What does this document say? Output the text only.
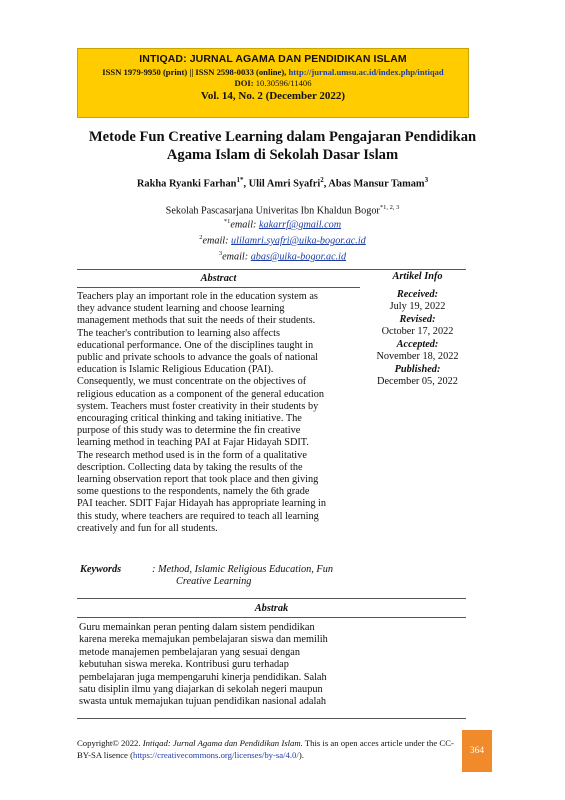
INTIQAD: JURNAL AGAMA DAN PENDIDIKAN ISLAM
ISSN 1979-9950 (print) || ISSN 2598-0033 (online), http://jurnal.umsu.ac.id/index.php/intiqad
DOI: 10.30596/11406
Vol. 14, No. 2 (December 2022)
Metode Fun Creative Learning dalam Pengajaran Pendidikan
Agama Islam di Sekolah Dasar Islam
Rakha Ryanki Farhan$^{1*}$, Ulil Amri Syafri$^2$, Abas Mansur Tamam$^3$
Sekolah Pascasarjana Univeritas Ibn Khaldun Bogor$^{*1, 2, 3}$
$^{*1}$email: kakarrf@gmail.com
$^2$email: ulilamri.syafri@uika-bogor.ac.id
$^3$email: abas@uika-bogor.ac.id
Abstract

Teachers play an important role in the education system as

they advance student learning and choose learning

management methods that suit the needs of their students.

The teacher's contribution to learning also affects

educational performance. One of the disciplines taught in

public and private schools to advance the goals of national

education is Islamic Religious Education (PAI).

Consequently, we must concentrate on the objectives of

religious education as a component of the general education

system. Teachers must foster creativity in their students by

encouraging critical thinking and taking initiative. The

purpose of this study was to determine the fin creative

learning method in teaching PAI at Fajar Hidayah SDIT.

The research method used is in the form of a qualitative

description. Collecting data by taking the results of the

learning observation report that took place and then giving

some questions to the respondents, namely the 6th grade

PAI teacher. SDIT Fajar Hidayah has appropriate learning in

this study, where teachers are required to teach all learning

creatively and fun for all students.

Artikel Info
Received:
July 19, 2022
Revised:
October 17, 2022
Accepted:
November 18, 2022
Published:
December 05, 2022
Keywords	: Method, Islamic Religious Education, Fun
Creative Learning
Abstrak

Guru memainkan peran penting dalam sistem pendidikan

karena mereka memajukan pembelajaran siswa dan memilih

metode manajemen pembelajaran yang sesuai dengan

kebutuhan siswa mereka. Kontribusi guru terhadap

pembelajaran juga mempengaruhi kinerja pendidikan. Salah

satu disiplin ilmu yang diajarkan di sekolah negeri maupun

swasta untuk memajukan tujuan pendidikan nasional adalah

Copyright© 2022. Intiqad: Jurnal Agama dan Pendidikan Islam. This is an open acces article under the CC-BY-SA lisence (https://creativecommons.org/licenses/by-sa/4.0/).	364
